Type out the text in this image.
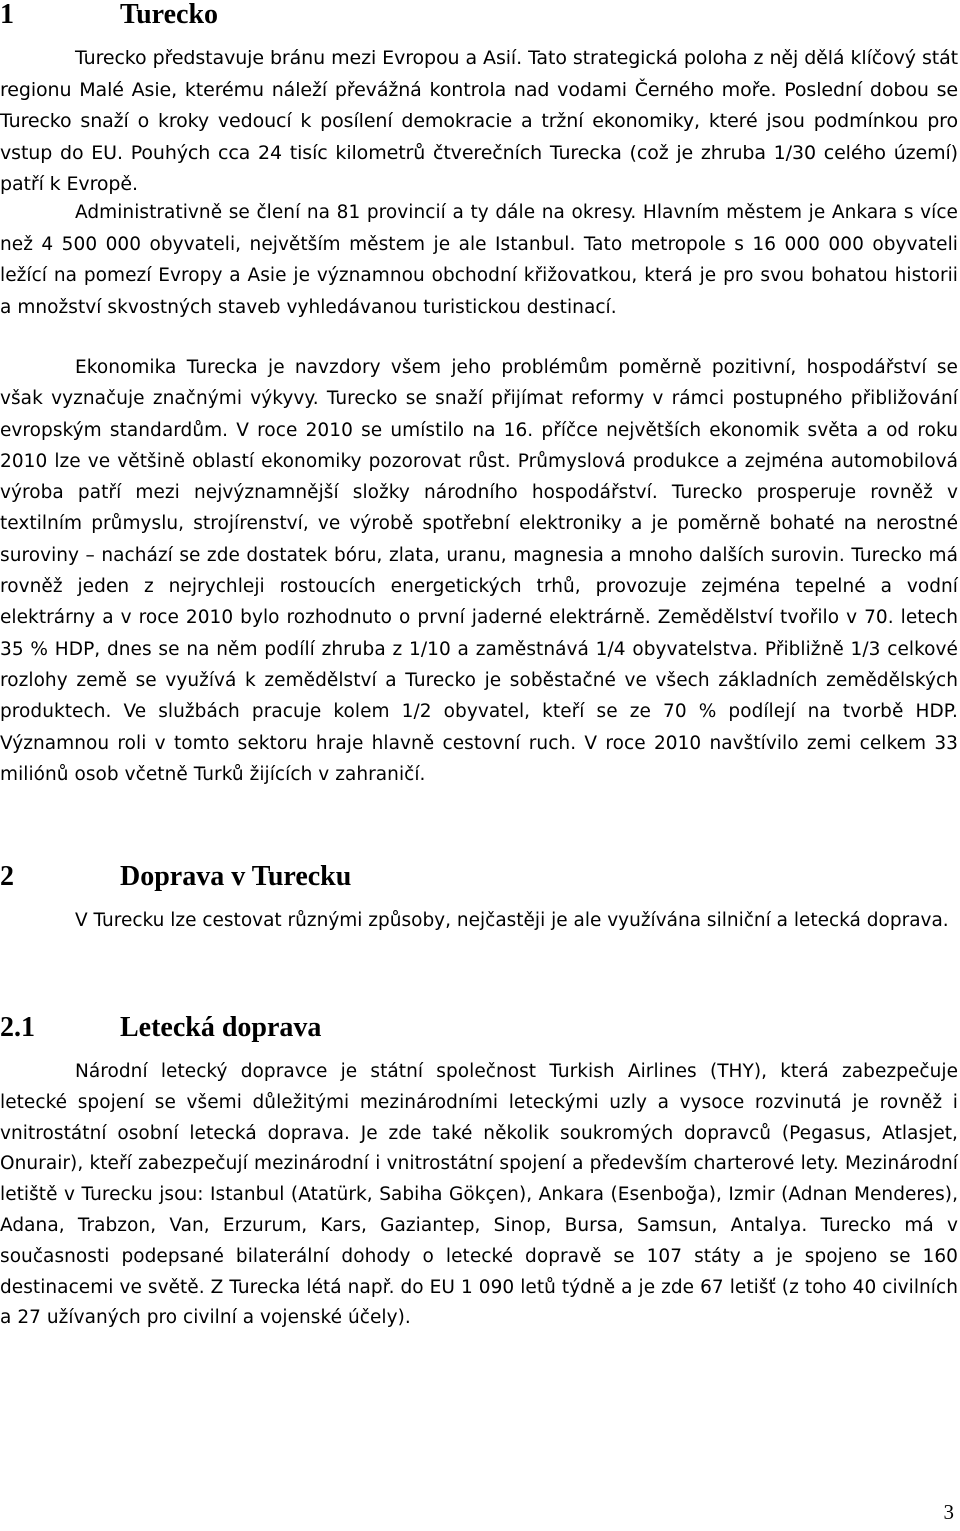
1	Turecko

Turecko představuje bránu mezi Evropou a Asií. Tato strategická poloha z něj dělá klíčový stát regionu Malé Asie, kterému náleží převážná kontrola nad vodami Černého moře. Poslední dobou se Turecko snaží o kroky vedoucí k posílení demokracie a tržní ekonomiky, které jsou podmínkou pro vstup do EU. Pouhých cca 24 tisíc kilometrů čtverečních Turecka (což je zhruba 1/30 celého území) patří k Evropě.

Administrativně se člení na 81 provincií a ty dále na okresy. Hlavním městem je Ankara s více než 4 500 000 obyvateli, největším městem je ale Istanbul. Tato metropole s 16 000 000 obyvateli ležící na pomezí Evropy a Asie je významnou obchodní křižovatkou, která je pro svou bohatou historii a množství skvostných staveb vyhledávanou turistickou destinací.

Ekonomika Turecka je navzdory všem jeho problémům poměrně pozitivní, hospodářství se však vyznačuje značnými výkyvy. Turecko se snaží přijímat reformy v rámci postupného přibližování evropským standardům. V roce 2010 se umístilo na 16. příčce největších ekonomik světa a od roku 2010 lze ve většině oblastí ekonomiky pozorovat růst. Průmyslová produkce a zejména automobilová výroba patří mezi nejvýznamnější složky národního hospodářství. Turecko prosperuje rovněž v textilním průmyslu, strojírenství, ve výrobě spotřební elektroniky a je poměrně bohaté na nerostné suroviny – nachází se zde dostatek bóru, zlata, uranu, magnesia a mnoho dalších surovin. Turecko má rovněž jeden z nejrychleji rostoucích energetických trhů, provozuje zejména tepelné a vodní elektrárny a v roce 2010 bylo rozhodnuto o první jaderné elektrárně. Zemědělství tvořilo v 70. letech 35 % HDP, dnes se na něm podílí zhruba z 1/10 a zaměstnává 1/4 obyvatelstva. Přibližně 1/3 celkové rozlohy země se využívá k zemědělství a Turecko je soběstačné ve všech základních zemědělských produktech. Ve službách pracuje kolem 1/2 obyvatel, kteří se ze 70 % podílejí na tvorbě HDP. Významnou roli v tomto sektoru hraje hlavně cestovní ruch. V roce 2010 navštívilo zemi celkem 33 miliónů osob včetně Turků žijících v zahraničí.

2	Doprava v Turecku

V Turecku lze cestovat různými způsoby, nejčastěji je ale využívána silniční a letecká doprava.

2.1	Letecká doprava

Národní letecký dopravce je státní společnost Turkish Airlines (THY), která zabezpečuje letecké spojení se všemi důležitými mezinárodními leteckými uzly a vysoce rozvinutá je rovněž i vnitrostátní osobní letecká doprava. Je zde také několik soukromých dopravců (Pegasus, Atlasjet, Onurair), kteří zabezpečují mezinárodní i vnitrostátní spojení a především charterové lety. Mezinárodní letiště v Turecku jsou: Istanbul (Atatürk, Sabiha Gökçen), Ankara (Esenboğa), Izmir (Adnan Menderes), Adana, Trabzon, Van, Erzurum, Kars, Gaziantep, Sinop, Bursa, Samsun, Antalya. Turecko má v současnosti podepsané bilaterální dohody o letecké dopravě se 107 státy a je spojeno se 160 destinacemi ve světě. Z Turecka létá např. do EU 1 090 letů týdně a je zde 67 letišť (z toho 40 civilních a 27 užívaných pro civilní a vojenské účely).

3
